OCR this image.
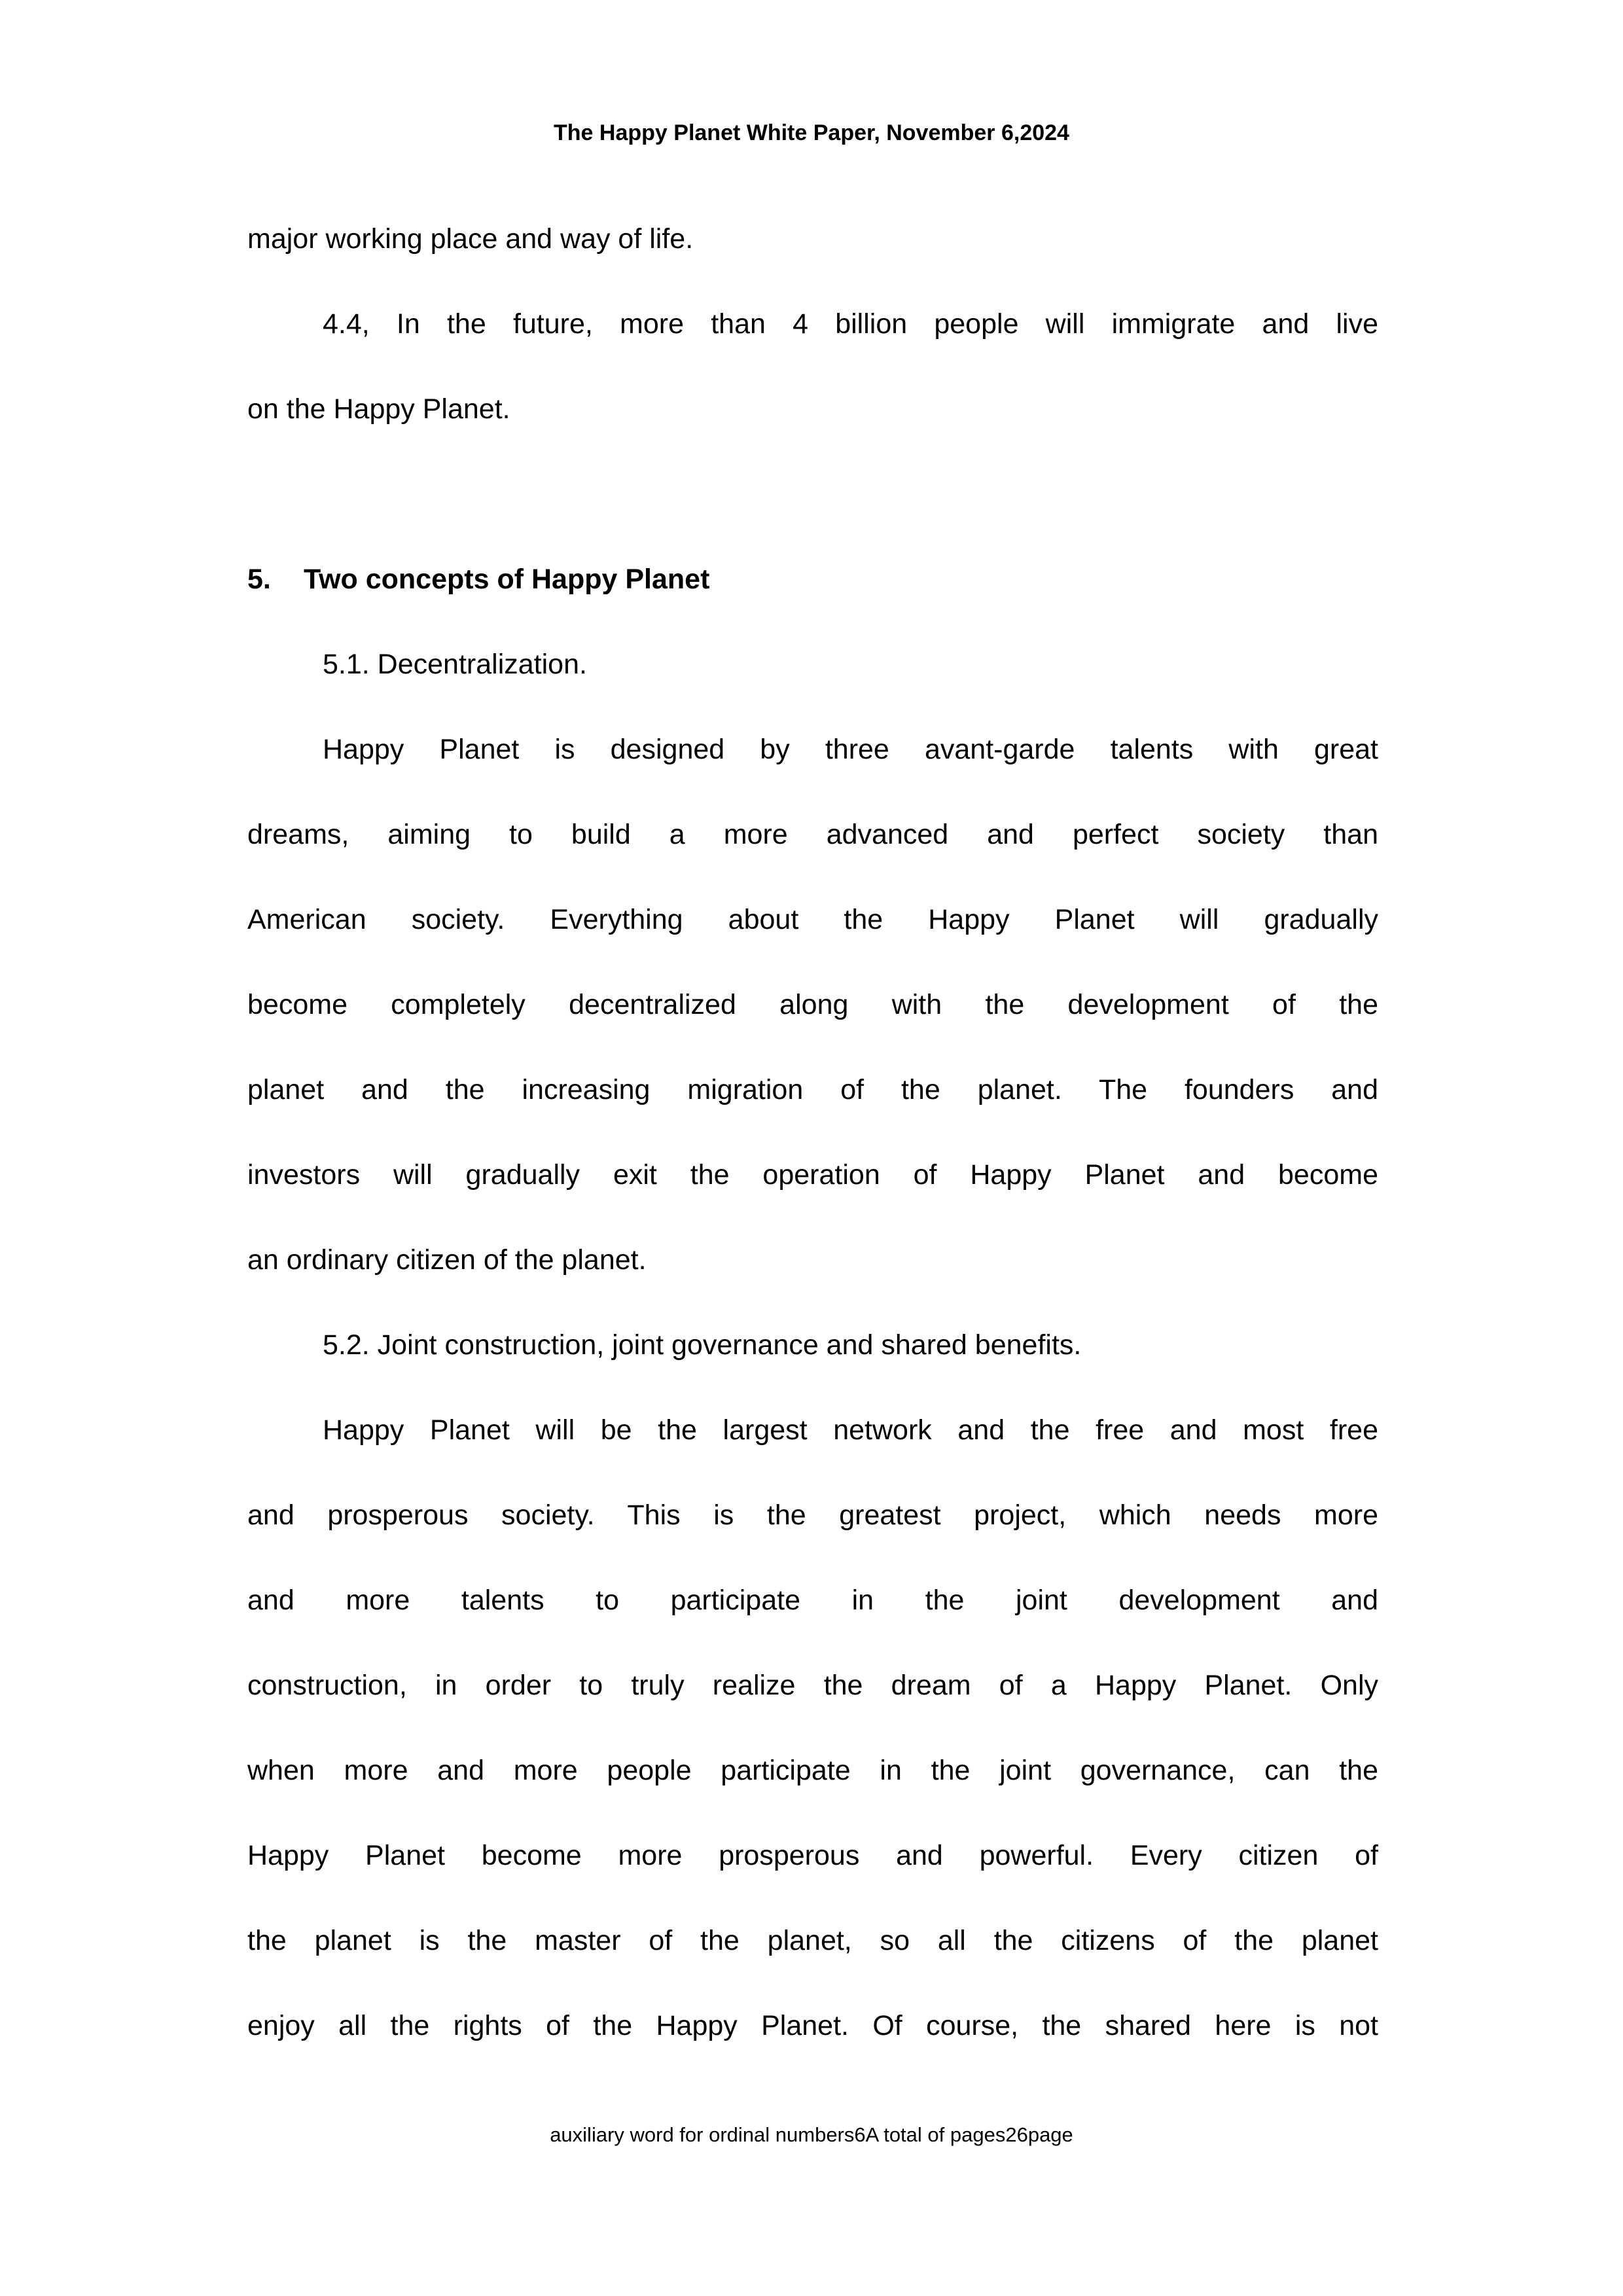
The Happy Planet White Paper, November 6,2024
major working place and way of life.
4.4, In the future, more than 4 billion people will immigrate and live
on the Happy Planet.
5. Two concepts of Happy Planet
5.1. Decentralization.
Happy Planet is designed by three avant-garde talents with great
dreams, aiming to build a more advanced and perfect society than
American society. Everything about the Happy Planet will gradually
become completely decentralized along with the development of the
planet and the increasing migration of the planet. The founders and
investors will gradually exit the operation of Happy Planet and become
an ordinary citizen of the planet.
5.2. Joint construction, joint governance and shared benefits.
Happy Planet will be the largest network and the free and most free
and prosperous society. This is the greatest project, which needs more
and more talents to participate in the joint development and
construction, in order to truly realize the dream of a Happy Planet. Only
when more and more people participate in the joint governance, can the
Happy Planet become more prosperous and powerful. Every citizen of
the planet is the master of the planet, so all the citizens of the planet
enjoy all the rights of the Happy Planet. Of course, the shared here is not
auxiliary word for ordinal numbers6A total of pages26page
